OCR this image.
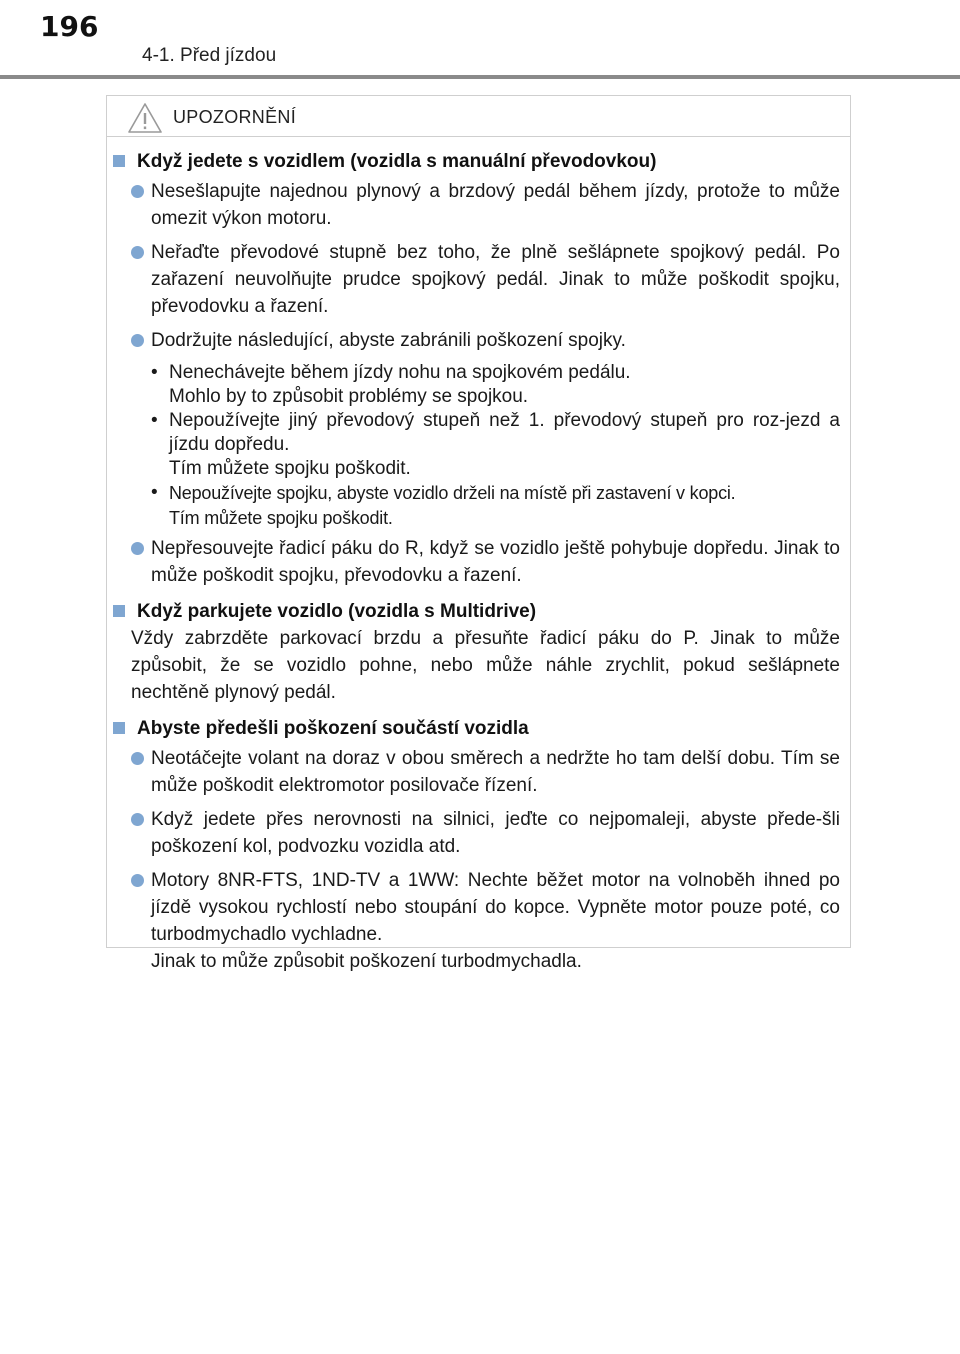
196
4-1. Před jízdou
UPOZORNĚNÍ
Když jedete s vozidlem (vozidla s manuální převodovkou)
Nesešlapujte najednou plynový a brzdový pedál během jízdy, protože to může omezit výkon motoru.
Neřaďte převodové stupně bez toho, že plně sešlápnete spojkový pedál. Po zařazení neuvolňujte prudce spojkový pedál. Jinak to může poškodit spojku, převodovku a řazení.
Dodržujte následující, abyste zabránili poškození spojky.
• Nenechávejte během jízdy nohu na spojkovém pedálu.
Mohlo by to způsobit problémy se spojkou.
• Nepoužívejte jiný převodový stupeň než 1. převodový stupeň pro roz-jezd a jízdu dopředu.
Tím můžete spojku poškodit.
• Nepoužívejte spojku, abyste vozidlo drželi na místě při zastavení v kopci.
Tím můžete spojku poškodit.
Nepřesouvejte řadicí páku do R, když se vozidlo ještě pohybuje dopředu. Jinak to může poškodit spojku, převodovku a řazení.
Když parkujete vozidlo (vozidla s Multidrive)
Vždy zabrzděte parkovací brzdu a přesuňte řadicí páku do P. Jinak to může způsobit, že se vozidlo pohne, nebo může náhle zrychlit, pokud sešlápnete nechtěně plynový pedál.
Abyste předešli poškození součástí vozidla
Neotáčejte volant na doraz v obou směrech a nedržte ho tam delší dobu. Tím se může poškodit elektromotor posilovače řízení.
Když jedete přes nerovnosti na silnici, jeďte co nejpomaleji, abyste přede-šli poškození kol, podvozku vozidla atd.
Motory 8NR-FTS, 1ND-TV a 1WW: Nechte běžet motor na volnoběh ihned po jízdě vysokou rychlostí nebo stoupání do kopce. Vypněte motor pouze poté, co turbodmychadlo vychladne.
Jinak to může způsobit poškození turbodmychadla.
